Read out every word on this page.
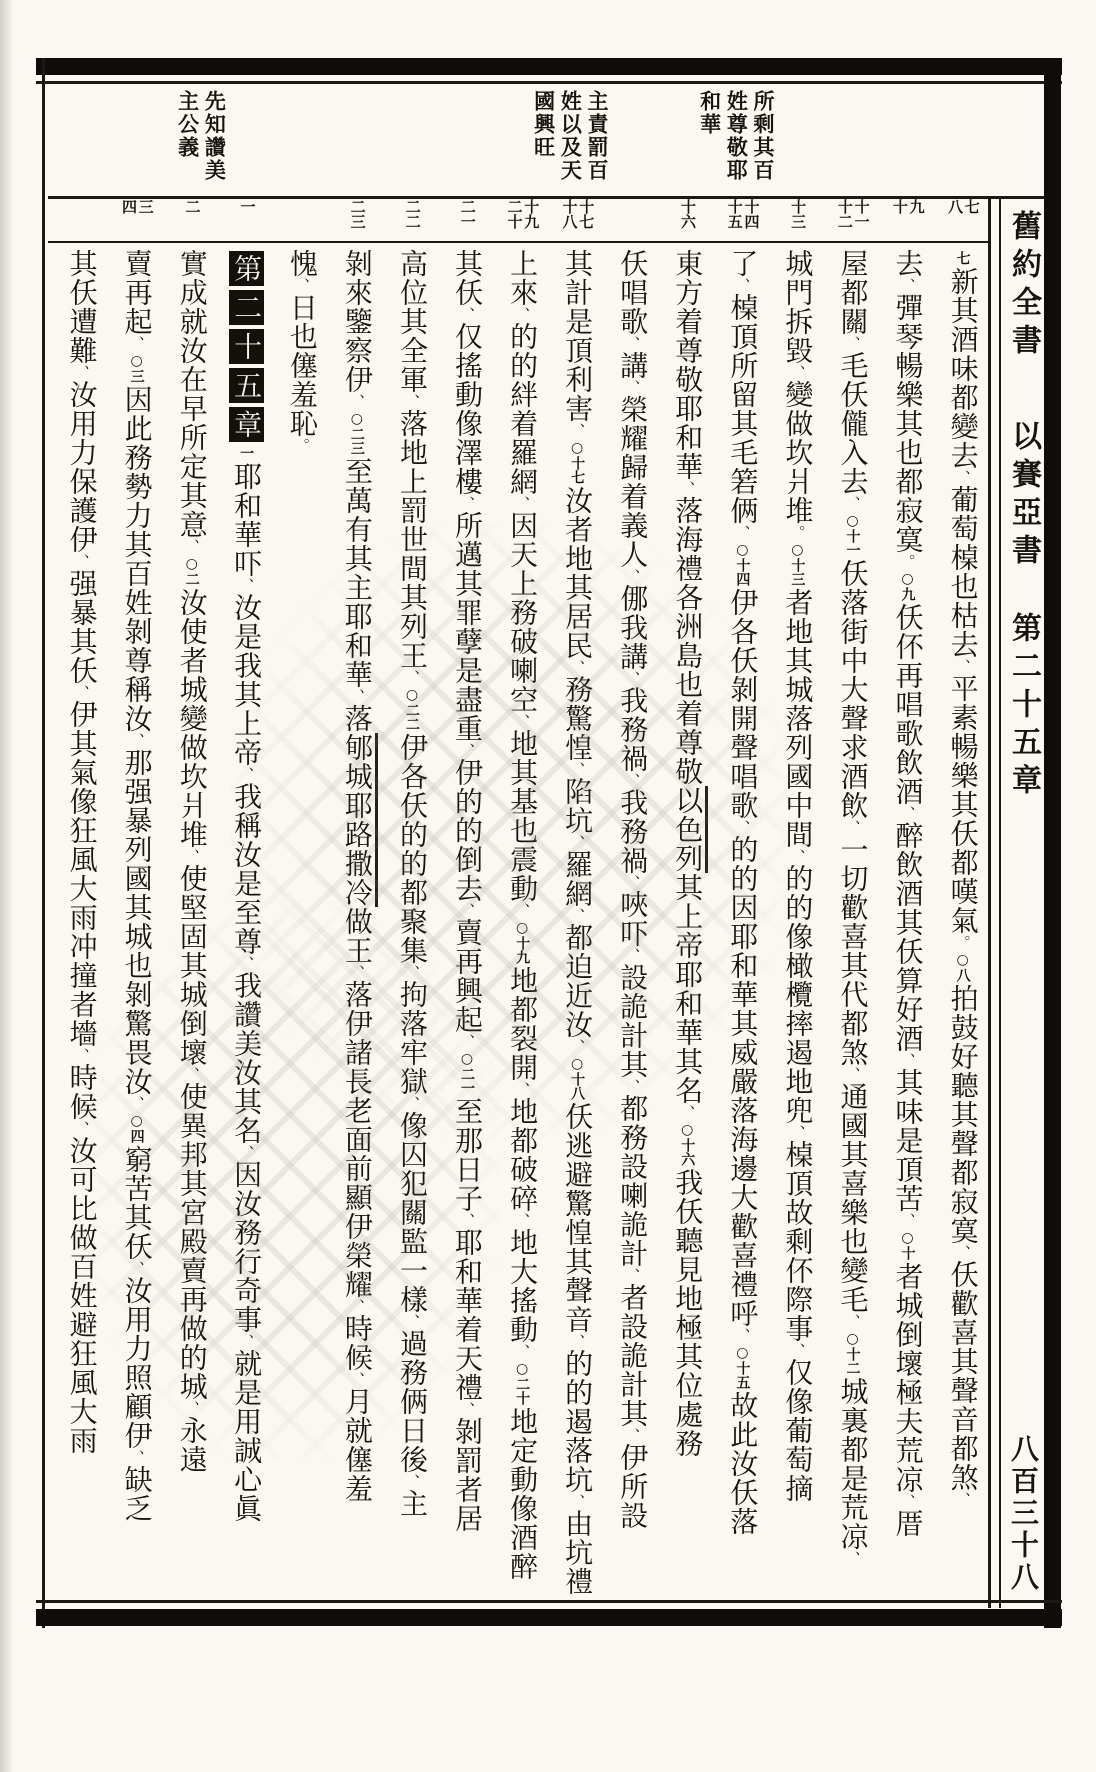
所剩其百
姓尊敬耶
和華
主責罰百
姓以及天
國興旺
先知讚美
主公義
七
八
九
十
十一
十二
十三
十四
十五
十六
十七
十八
十九
二十
二一
二二
二三
一
二
三
四
七新其酒味都變去、葡萄槕也枯去、平素暢樂其仸都嘆氣。○八拍鼓好聽其聲都寂寞、仸歡喜其聲音都煞、
去、彈琴暢樂其也都寂寞。○九仸伓再唱歌飲酒、醉飲酒其仸算好酒、其味是頂苦、○十者城倒壞極夫荒凉、厝
屋都關、毛仸儱入去、○十一仸落街中大聲求酒飲、一切歡喜其代都煞、通國其喜樂也變毛、○十二城裏都是荒凉、
城門拆毀、變做坎爿堆。○十三者地其城落列國中間、的的像橄欖摔遏地兜、槕頂故剩伓際事、仅像葡萄摘
了、槕頂所留其毛箬俩、○十四伊各仸剝開聲唱歌、的的因耶和華其威嚴落海邊大歡喜禮呼、○十五故此汝仸落
東方着尊敬耶和華、落海禮各洲島也着尊敬以色列其上帝耶和華其名、○十六我仸聽見地極其位處務
仸唱歌、講、榮耀歸着義人、㑚我講、我務禍、我務禍、唊吓、設詭計其、都務設喇詭計、者設詭計其、伊所設
其計是頂利害、○十七汝者地其居民、務驚惶、陷坑、羅網、都迫近汝、○十八仸逃避驚惶其聲音、的的遏落坑、由坑禮
上來、的的絆着羅網、因天上務破喇空、地其基也震動、○十九地都裂開、地都破碎、地大搖動、○二十地定動像酒醉
其仸、仅搖動像澤樓、所邁其罪孽是盡重、伊的的倒去、賣再興起、○二一至那日子、耶和華着天禮、剝罰者居
高位其全軍、落地上罰世間其列王、○二二伊各仸的的都聚集、拘落牢獄、像囚犯關監一樣、過務俩日後、主
剝來鑒察伊、○二三至萬有其主耶和華、落郇城耶路撒冷做王、落伊諸長老面前顯伊榮耀、時候、月就僿羞
愧、日也僿羞恥。
第二十五章一耶和華吓、汝是我其上帝、我稱汝是至尊、我讚美汝其名、因汝務行奇事、就是用誠心眞
實成就汝在早所定其意、○二汝使者城變做坎爿堆、使堅固其城倒壞、使異邦其宮殿賣再做的城、永遠
賣再起、○三因此務勢力其百姓剝尊稱汝、那强暴列國其城也剝驚畏汝、○四窮苦其仸、汝用力照顧伊、缺乏
其仸遭難、汝用力保護伊、强暴其仸、伊其氣像狂風大雨冲撞者墻、時候、汝可比做百姓避狂風大雨
舊約全書
以賽亞書
第二十五章
八百三十八
